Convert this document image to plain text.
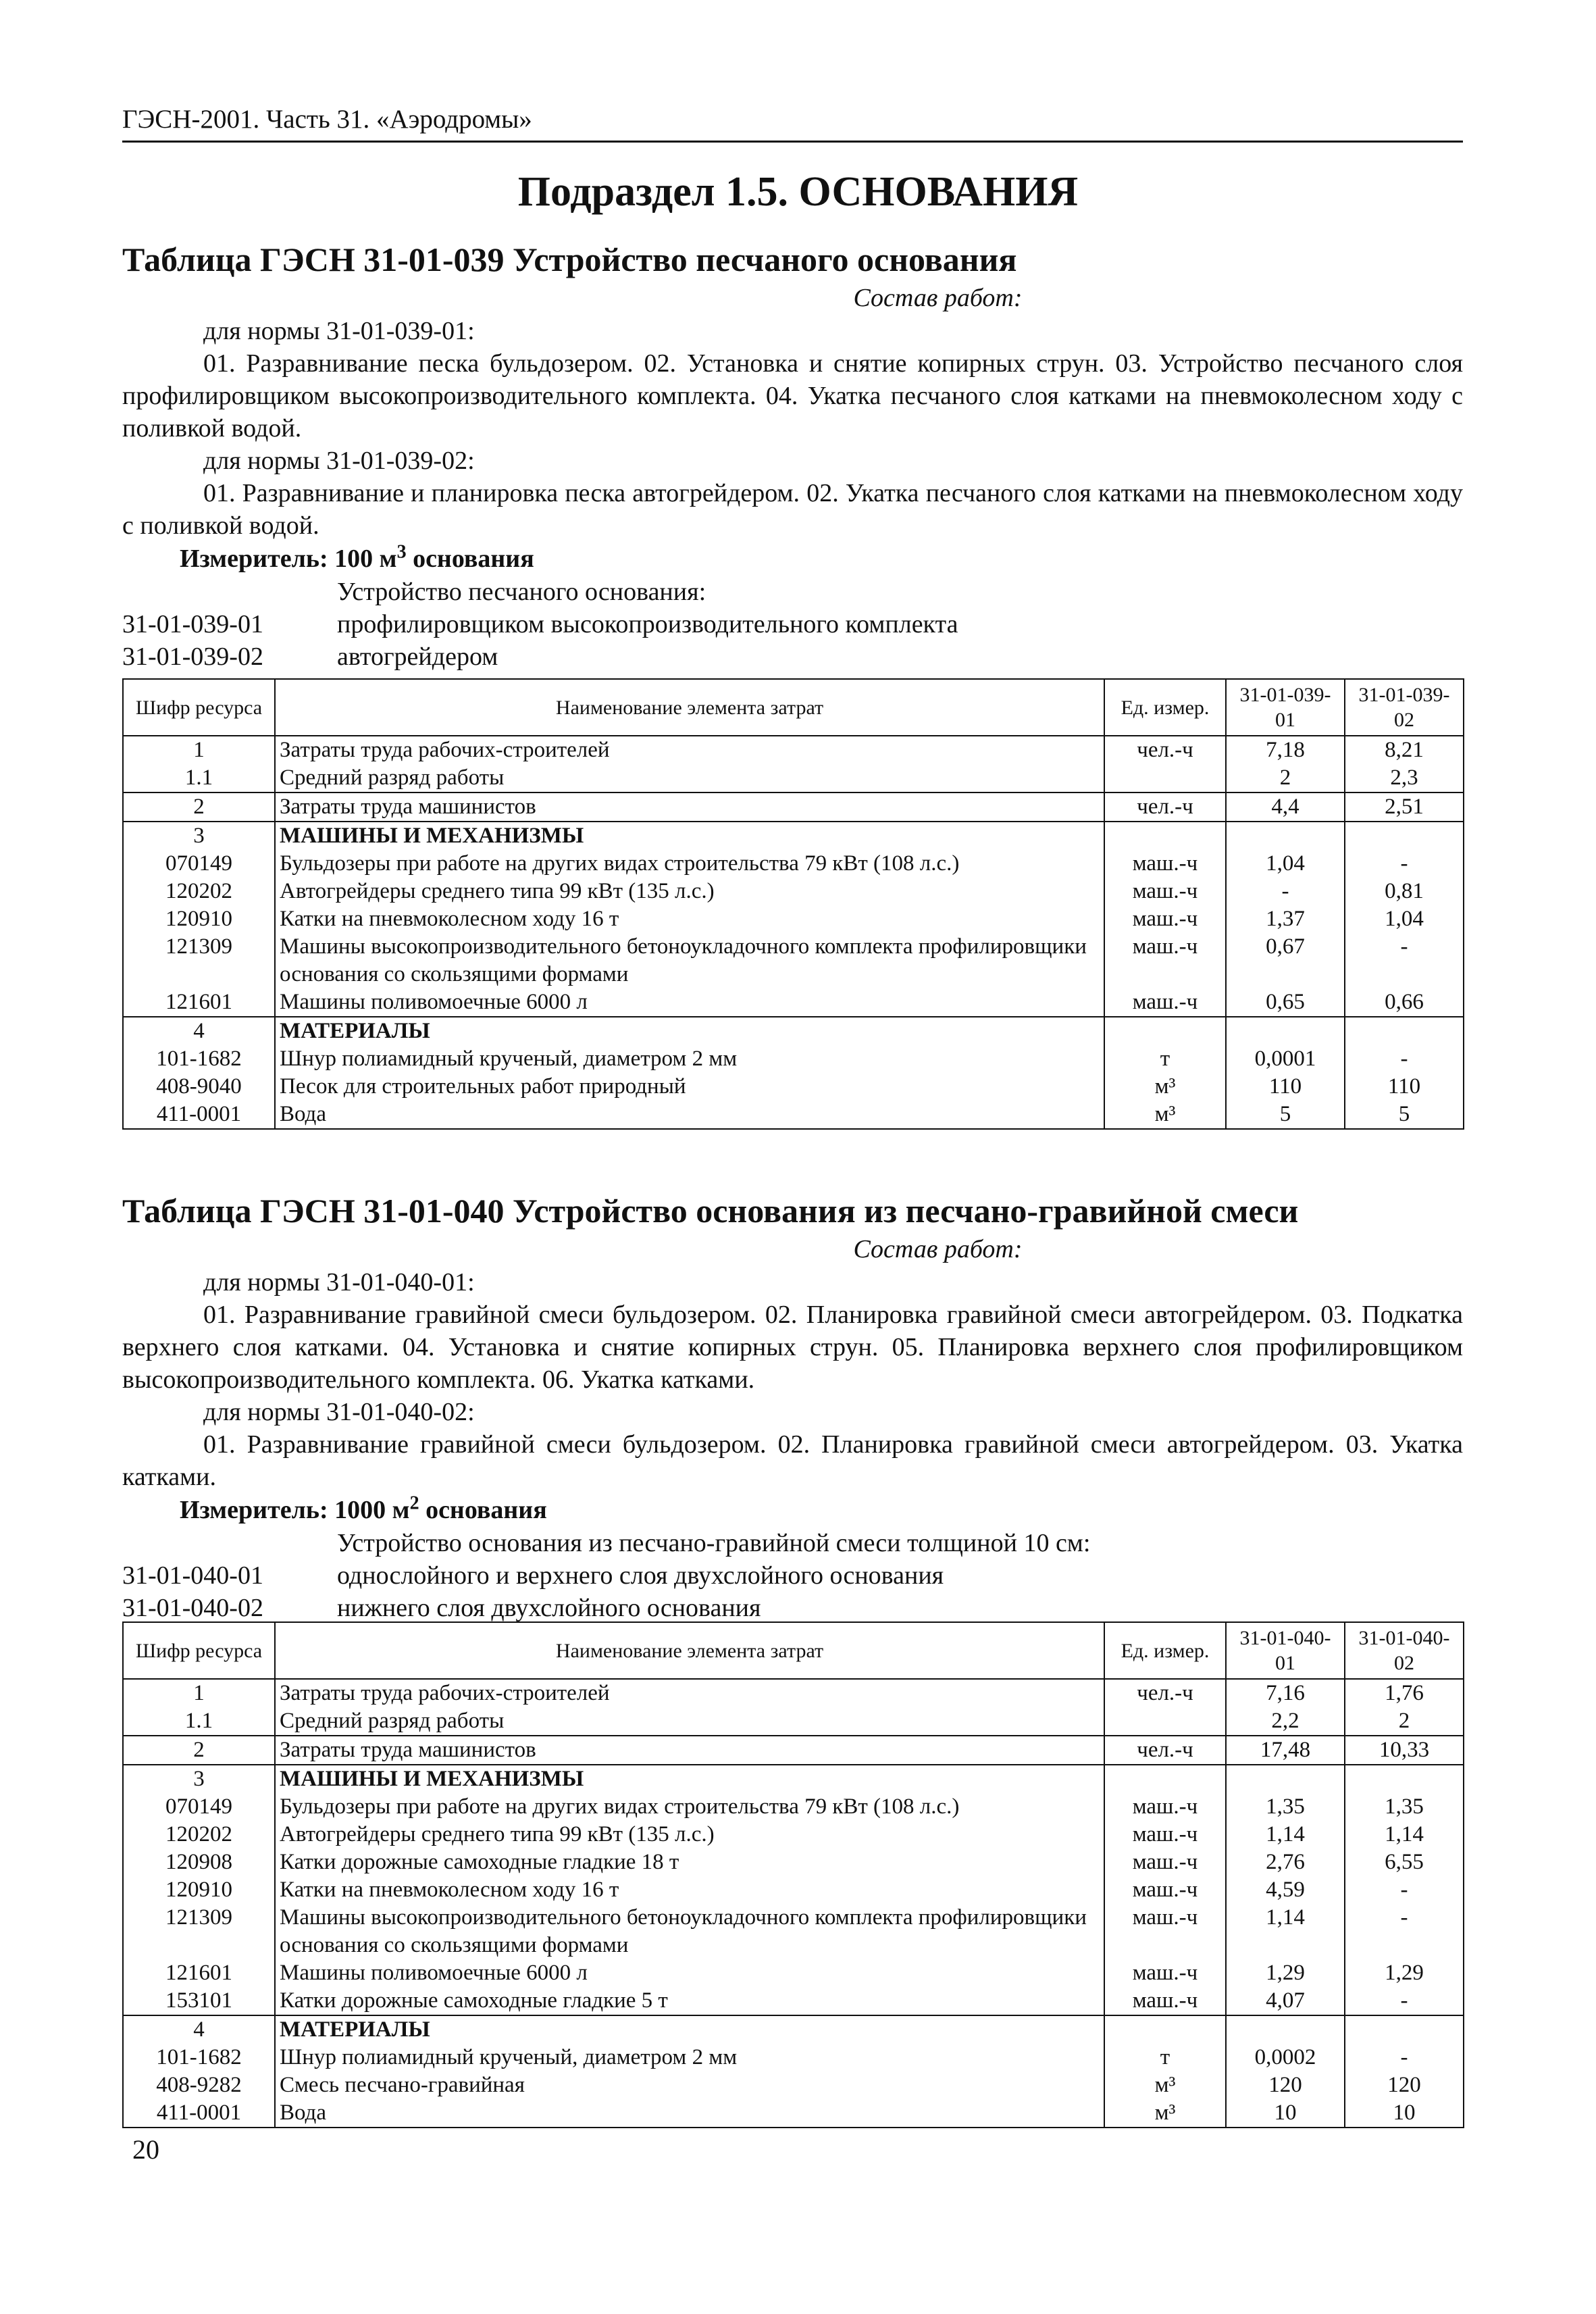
ГЭСН-2001. Часть 31. «Аэродромы»
Подраздел 1.5. ОСНОВАНИЯ
Таблица ГЭСН 31-01-039 Устройство песчаного основания
Состав работ:
для нормы 31-01-039-01:
01. Разравнивание песка бульдозером. 02. Установка и снятие копирных струн. 03. Устройство песчаного слоя профилировщиком высокопроизводительного комплекта. 04. Укатка песчаного слоя катками на пневмоколесном ходу с поливкой водой.
для нормы 31-01-039-02:
01. Разравнивание и планировка песка автогрейдером. 02. Укатка песчаного слоя катками на пневмоколесном ходу с поливкой водой.
Измеритель: 100 $м^3$ основания
Устройство песчаного основания:
31-01-039-01	профилировщиком высокопроизводительного комплекта
31-01-039-02	автогрейдером
Шифр ресурса	Наименование элемента затрат	Ед. измер.	31-01-039-01	31-01-039-02
1	Затраты труда рабочих-строителей	чел.-ч	7,18	8,21
1.1	Средний разряд работы		2	2,3
2	Затраты труда машинистов	чел.-ч	4,4	2,51
3	МАШИНЫ И МЕХАНИЗМЫ			
070149	Бульдозеры при работе на других видах строительства 79 кВт (108 л.с.)	маш.-ч	1,04	-
120202	Автогрейдеры среднего типа 99 кВт (135 л.с.)	маш.-ч	-	0,81
120910	Катки на пневмоколесном ходу 16 т	маш.-ч	1,37	1,04
121309	Машины высокопроизводительного бетоноукладочного комплекта профилировщики основания со скользящими формами	маш.-ч	0,67	-
121601	Машины поливомоечные 6000 л	маш.-ч	0,65	0,66
4	МАТЕРИАЛЫ			
101-1682	Шнур полиамидный крученый, диаметром 2 мм	т	0,0001	-
408-9040	Песок для строительных работ природный	м³	110	110
411-0001	Вода	м³	5	5
Таблица ГЭСН 31-01-040 Устройство основания из песчано-гравийной смеси
Состав работ:
для нормы 31-01-040-01:
01. Разравнивание гравийной смеси бульдозером. 02. Планировка гравийной смеси автогрейдером. 03. Подкатка верхнего слоя катками. 04. Установка и снятие копирных струн. 05. Планировка верхнего слоя профилировщиком высокопроизводительного комплекта. 06. Укатка катками.
для нормы 31-01-040-02:
01. Разравнивание гравийной смеси бульдозером. 02. Планировка гравийной смеси автогрейдером. 03. Укатка катками.
Измеритель: 1000 $м^2$ основания
Устройство основания из песчано-гравийной смеси толщиной 10 см:
31-01-040-01	однослойного и верхнего слоя двухслойного основания
31-01-040-02	нижнего слоя двухслойного основания
Шифр ресурса	Наименование элемента затрат	Ед. измер.	31-01-040-01	31-01-040-02
1	Затраты труда рабочих-строителей	чел.-ч	7,16	1,76
1.1	Средний разряд работы		2,2	2
2	Затраты труда машинистов	чел.-ч	17,48	10,33
3	МАШИНЫ И МЕХАНИЗМЫ			
070149	Бульдозеры при работе на других видах строительства 79 кВт (108 л.с.)	маш.-ч	1,35	1,35
120202	Автогрейдеры среднего типа 99 кВт (135 л.с.)	маш.-ч	1,14	1,14
120908	Катки дорожные самоходные гладкие 18 т	маш.-ч	2,76	6,55
120910	Катки на пневмоколесном ходу 16 т	маш.-ч	4,59	-
121309	Машины высокопроизводительного бетоноукладочного комплекта профилировщики основания со скользящими формами	маш.-ч	1,14	-
121601	Машины поливомоечные 6000 л	маш.-ч	1,29	1,29
153101	Катки дорожные самоходные гладкие 5 т	маш.-ч	4,07	-
4	МАТЕРИАЛЫ			
101-1682	Шнур полиамидный крученый, диаметром 2 мм	т	0,0002	-
408-9282	Смесь песчано-гравийная	м³	120	120
411-0001	Вода	м³	10	10
20
